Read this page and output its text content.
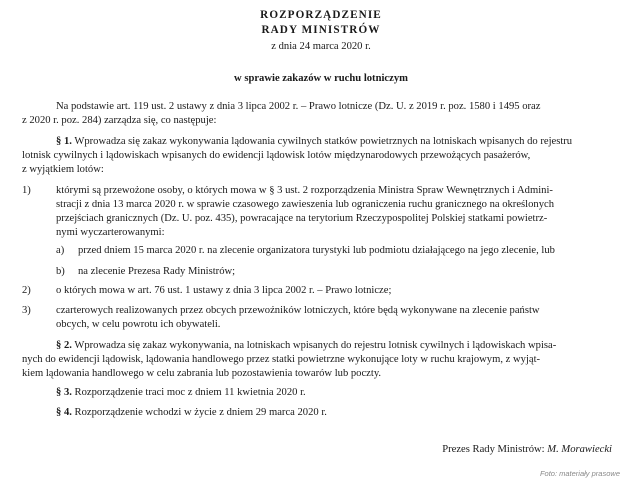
ROZPORZĄDZENIE
RADY MINISTRÓW
z dnia 24 marca 2020 r.
w sprawie zakazów w ruchu lotniczym
Na podstawie art. 119 ust. 2 ustawy z dnia 3 lipca 2002 r. – Prawo lotnicze (Dz. U. z 2019 r. poz. 1580 i 1495 oraz
z 2020 r. poz. 284) zarządza się, co następuje:
§ 1. Wprowadza się zakaz wykonywania lądowania cywilnych statków powietrznych na lotniskach wpisanych do rejestru
lotnisk cywilnych i lądowiskach wpisanych do ewidencji lądowisk lotów międzynarodowych przewożących pasażerów,
z wyjątkiem lotów:
1) którymi są przewożone osoby, o których mowa w § 3 ust. 2 rozporządzenia Ministra Spraw Wewnętrznych i Admini-
stracji z dnia 13 marca 2020 r. w sprawie czasowego zawieszenia lub ograniczenia ruchu granicznego na określonych
przejściach granicznych (Dz. U. poz. 435), powracające na terytorium Rzeczypospolitej Polskiej statkami powietrz-
nymi wyczarterowanymi:
a) przed dniem 15 marca 2020 r. na zlecenie organizatora turystyki lub podmiotu działającego na jego zlecenie, lub
b) na zlecenie Prezesa Rady Ministrów;
2) o których mowa w art. 76 ust. 1 ustawy z dnia 3 lipca 2002 r. – Prawo lotnicze;
3) czarterowych realizowanych przez obcych przewoźników lotniczych, które będą wykonywane na zlecenie państw
obcych, w celu powrotu ich obywateli.
§ 2. Wprowadza się zakaz wykonywania, na lotniskach wpisanych do rejestru lotnisk cywilnych i lądowiskach wpisa-
nych do ewidencji lądowisk, lądowania handlowego przez statki powietrzne wykonujące loty w ruchu krajowym, z wyjąt-
kiem lądowania handlowego w celu zabrania lub pozostawienia towarów lub poczty.
§ 3. Rozporządzenie traci moc z dniem 11 kwietnia 2020 r.
§ 4. Rozporządzenie wchodzi w życie z dniem 29 marca 2020 r.
Prezes Rady Ministrów: M. Morawiecki
Foto: materiały prasowe
